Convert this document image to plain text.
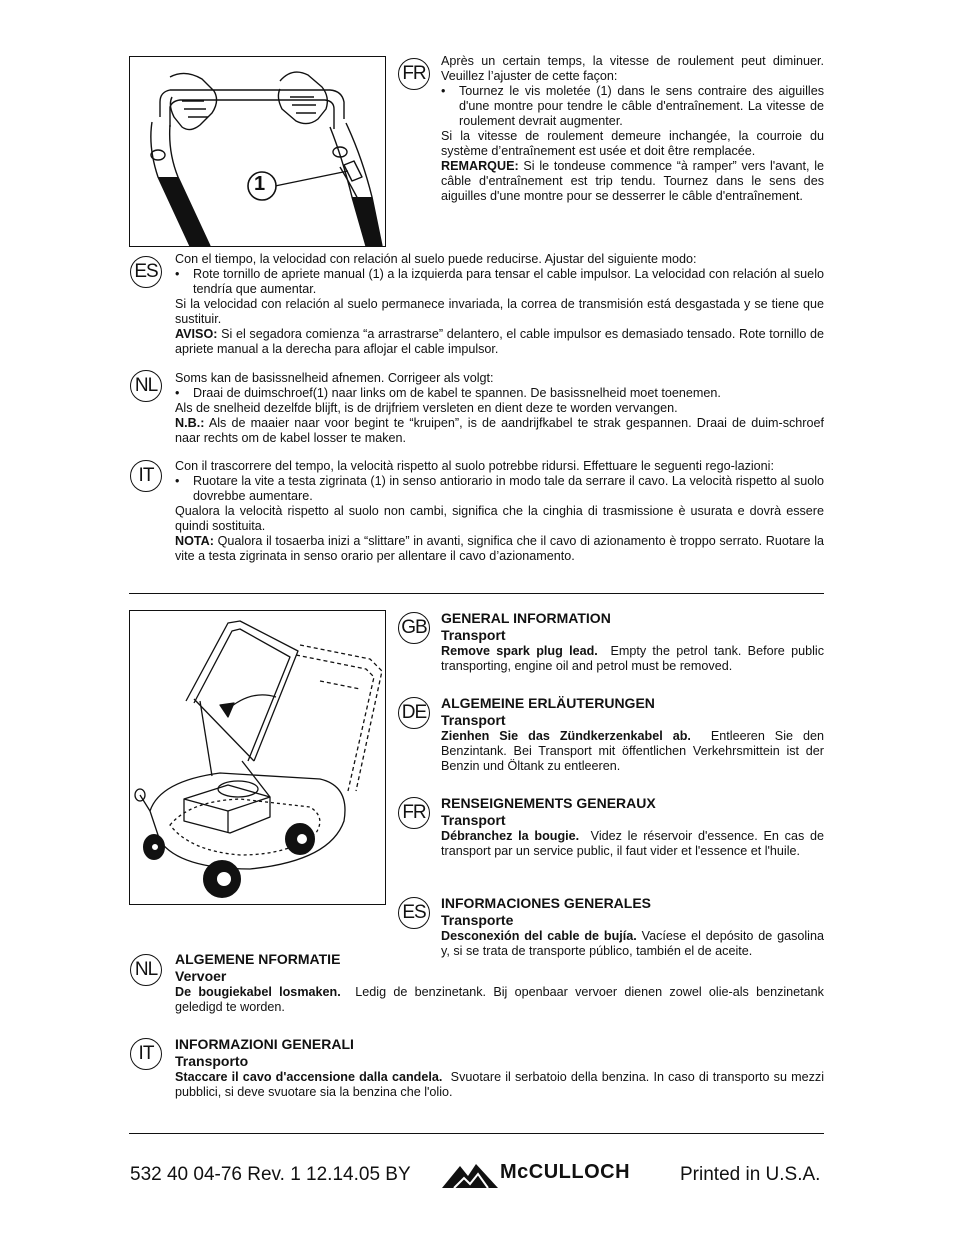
1
FR

Après un certain temps, la vitesse de roulement peut diminuer. Veuillez l’ajuster de cette façon:

•	Tournez le vis moletée (1) dans le sens contraire des aiguilles d'une montre pour tendre le câble d'entraînement. La vitesse de roulement devrait augmenter.

Si la vitesse de roulement demeure inchangée, la courroie du système d’entraînement est usée et doit être remplacée.

REMARQUE: Si le tondeuse commence “à ramper” vers l'avant, le câble d'entraînement est trip tendu. Tournez dans le sens des aiguilles d'une montre pour se desserrer le câble d'entraînement.

ES

Con el tiempo, la velocidad con relación al suelo puede reducirse. Ajustar del siguiente modo:

•	Rote tornillo de apriete manual (1) a la izquierda para tensar el cable impulsor. La velocidad con relación al suelo tendría que aumentar.

Si la velocidad con relación al suelo permanece invariada, la correa de transmisión está desgastada y se tiene que sustituir.

AVISO: Si el segadora comienza “a arrastrarse” delantero, el cable impulsor es demasiado tensado. Rote tornillo de apriete manual a la derecha para aflojar el cable impulsor.

NL	Soms kan de basissnelheid afnemen. Corrigeer als volgt:

•	Draai de duimschroef(1) naar links om de kabel te spannen. De basissnelheid moet toenemen.

Als de snelheid dezelfde blijft, is de drijfriem versleten en dient deze te worden vervangen.

N.B.: Als de maaier naar voor begint te “kruipen”, is de aandrijfkabel te strak gespannen. Draai de duim-schroef naar rechts om de kabel losser te maken.

IT	Con il trascorrere del tempo, la velocità rispetto al suolo potrebbe ridursi. Effettuare le seguenti rego-lazioni:

•	Ruotare la vite a testa zigrinata (1) in senso antiorario in modo tale da serrare il cavo. La velocità rispetto al suolo dovrebbe aumentare.

Qualora la velocità rispetto al suolo non cambi, significa che la cinghia di trasmissione è usurata e dovrà essere quindi sostituita.

NOTA: Qualora il tosaerba inizi a “slittare” in avanti, significa che il cavo di azionamento è troppo serrato. Ruotare la vite a testa zigrinata in senso orario per allentare il cavo d’azionamento.

GB GENERAL INFORMATION

Transport

Remove spark plug lead. Empty the petrol tank. Before public transporting, engine oil and petrol must be removed.

DE ALGEMEINE ERLÄUTERUNGEN

Transport

Zienhen Sie das Zündkerzenkabel ab. Entleeren Sie den Benzintank. Bei Transport mit öffentlichen Verkehrsmittein ist der Benzin und Öltank zu entleeren.

FR	RENSEIGNEMENTS GENERAUX

Transport

Débranchez la bougie. Videz le réservoir d'essence. En cas de transport par un service public, il faut vider et l'essence et l'huile.

ES	INFORMACIONES GENERALES

Transporte

Desconexión del cable de bujía. Vacíese el depósito de gasolina y, si se trata de transporte público, también el de aceite.

NL	ALGEMENE NFORMATIE

Vervoer

De bougiekabel losmaken. Ledig de benzinetank. Bij openbaar vervoer dienen zowel olie-als benzinetank geledigd te worden.

IT	INFORMAZIONI GENERALI

Transporto

Staccare il cavo d'accensione dalla candela. Svuotare il serbatoio della benzina. In caso di transporto su mezzi pubblici, si deve svuotare sia la benzina che l'olio.

532 40 04-76 Rev. 1 12.14.05 BY	McCULLOCH	Printed in U.S.A.
